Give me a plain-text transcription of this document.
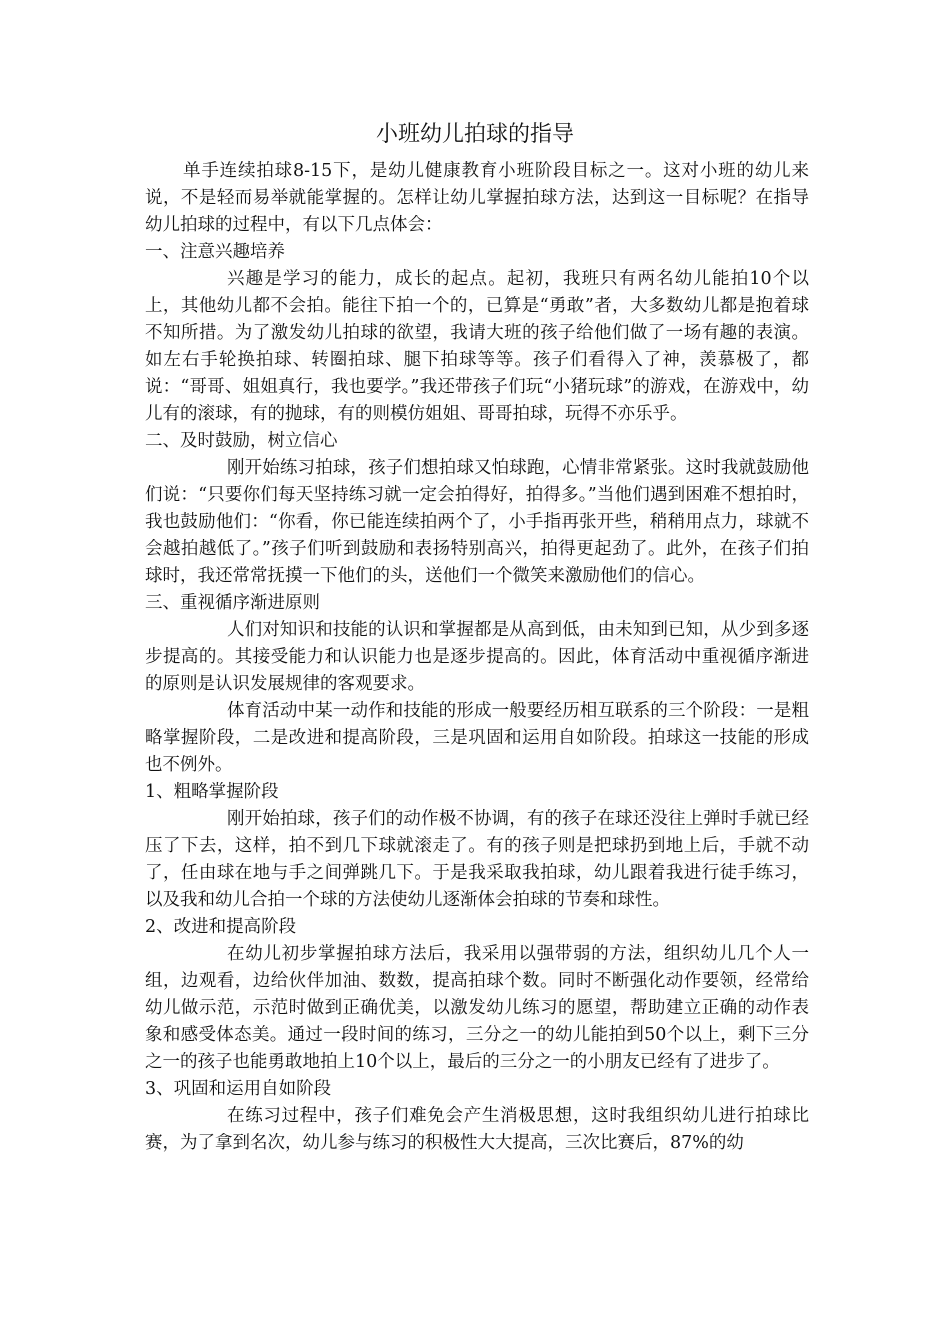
小班幼儿拍球的指导

单手连续拍球8-15下，是幼儿健康教育小班阶段目标之一。这对小班的幼儿来说，不是轻而易举就能掌握的。怎样让幼儿掌握拍球方法，达到这一目标呢？在指导幼儿拍球的过程中，有以下几点体会：

一、注意兴趣培养

兴趣是学习的能力，成长的起点。起初，我班只有两名幼儿能拍10个以上，其他幼儿都不会拍。能往下拍一个的，已算是“勇敢”者，大多数幼儿都是抱着球不知所措。为了激发幼儿拍球的欲望，我请大班的孩子给他们做了一场有趣的表演。如左右手轮换拍球、转圈拍球、腿下拍球等等。孩子们看得入了神，羡慕极了，都说：“哥哥、姐姐真行，我也要学。”我还带孩子们玩“小猪玩球”的游戏，在游戏中，幼儿有的滚球，有的抛球，有的则模仿姐姐、哥哥拍球，玩得不亦乐乎。

二、及时鼓励，树立信心

刚开始练习拍球，孩子们想拍球又怕球跑，心情非常紧张。这时我就鼓励他们说：“只要你们每天坚持练习就一定会拍得好，拍得多。”当他们遇到困难不想拍时，我也鼓励他们：“你看，你已能连续拍两个了，小手指再张开些，稍稍用点力，球就不会越拍越低了。”孩子们听到鼓励和表扬特别高兴，拍得更起劲了。此外，在孩子们拍球时，我还常常抚摸一下他们的头，送他们一个微笑来激励他们的信心。

三、重视循序渐进原则

人们对知识和技能的认识和掌握都是从高到低，由未知到已知，从少到多逐步提高的。其接受能力和认识能力也是逐步提高的。因此，体育活动中重视循序渐进的原则是认识发展规律的客观要求。

体育活动中某一动作和技能的形成一般要经历相互联系的三个阶段：一是粗略掌握阶段，二是改进和提高阶段，三是巩固和运用自如阶段。拍球这一技能的形成也不例外。

1、粗略掌握阶段

刚开始拍球，孩子们的动作极不协调，有的孩子在球还没往上弹时手就已经压了下去，这样，拍不到几下球就滚走了。有的孩子则是把球扔到地上后，手就不动了，任由球在地与手之间弹跳几下。于是我采取我拍球，幼儿跟着我进行徒手练习，以及我和幼儿合拍一个球的方法使幼儿逐渐体会拍球的节奏和球性。

2、改进和提高阶段

在幼儿初步掌握拍球方法后，我采用以强带弱的方法，组织幼儿几个人一组，边观看，边给伙伴加油、数数，提高拍球个数。同时不断强化动作要领，经常给幼儿做示范，示范时做到正确优美，以激发幼儿练习的愿望，帮助建立正确的动作表象和感受体态美。通过一段时间的练习，三分之一的幼儿能拍到50个以上，剩下三分之一的孩子也能勇敢地拍上10个以上，最后的三分之一的小朋友已经有了进步了。

3、巩固和运用自如阶段

在练习过程中，孩子们难免会产生消极思想，这时我组织幼儿进行拍球比赛，为了拿到名次，幼儿参与练习的积极性大大提高，三次比赛后，87%的幼
